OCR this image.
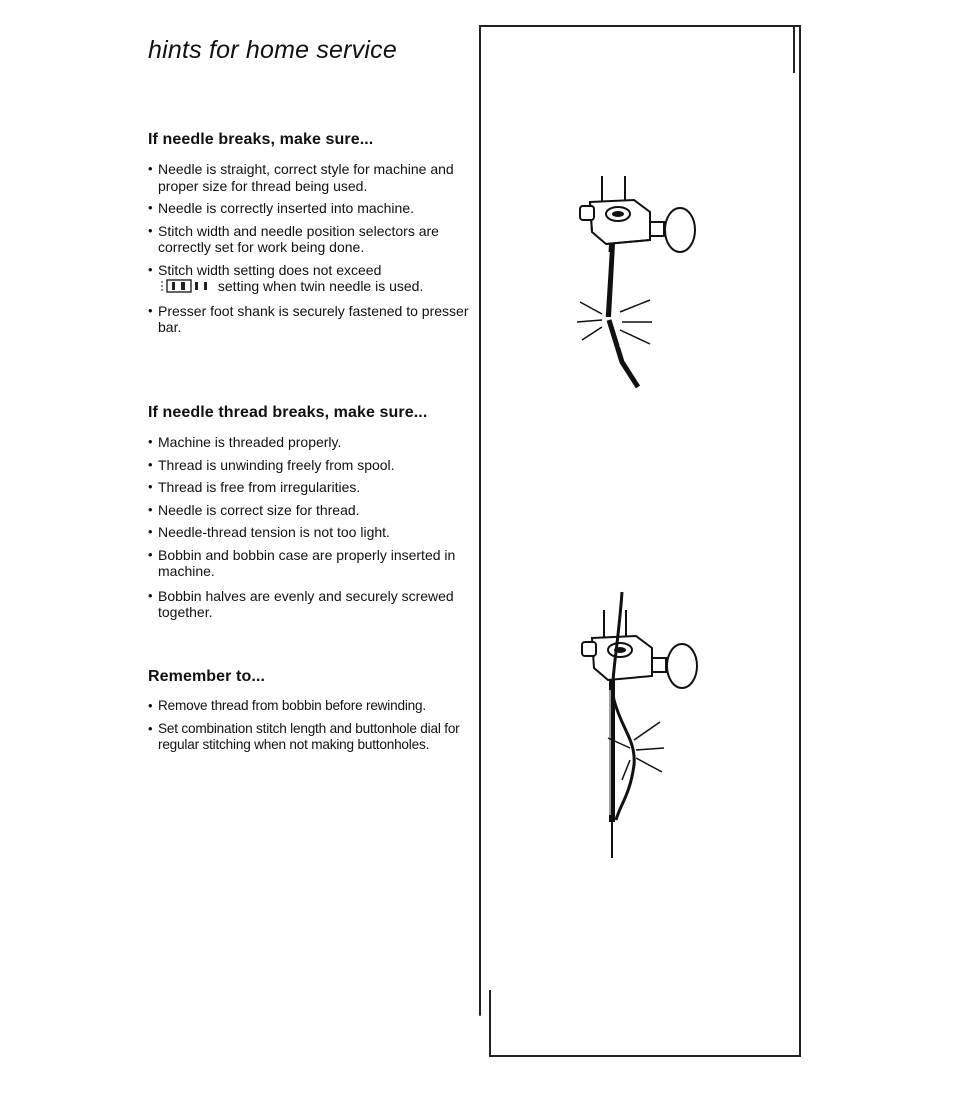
hints for home service
If needle breaks, make sure...
• Needle is straight, correct style for machine and proper size for thread being used.
• Needle is correctly inserted into machine.
• Stitch width and needle position selectors are correctly set for work being done.
• Stitch width setting does not exceed
setting when twin needle is used.
• Presser foot shank is securely fastened to presser bar.
If needle thread breaks, make sure...
• Machine is threaded properly.
• Thread is unwinding freely from spool.
• Thread is free from irregularities.
• Needle is correct size for thread.
• Needle-thread tension is not too light.
• Bobbin and bobbin case are properly inserted in machine.
• Bobbin halves are evenly and securely screwed together.
Remember to...
• Remove thread from bobbin before rewinding.
• Set combination stitch length and buttonhole dial for regular stitching when not making buttonholes.
